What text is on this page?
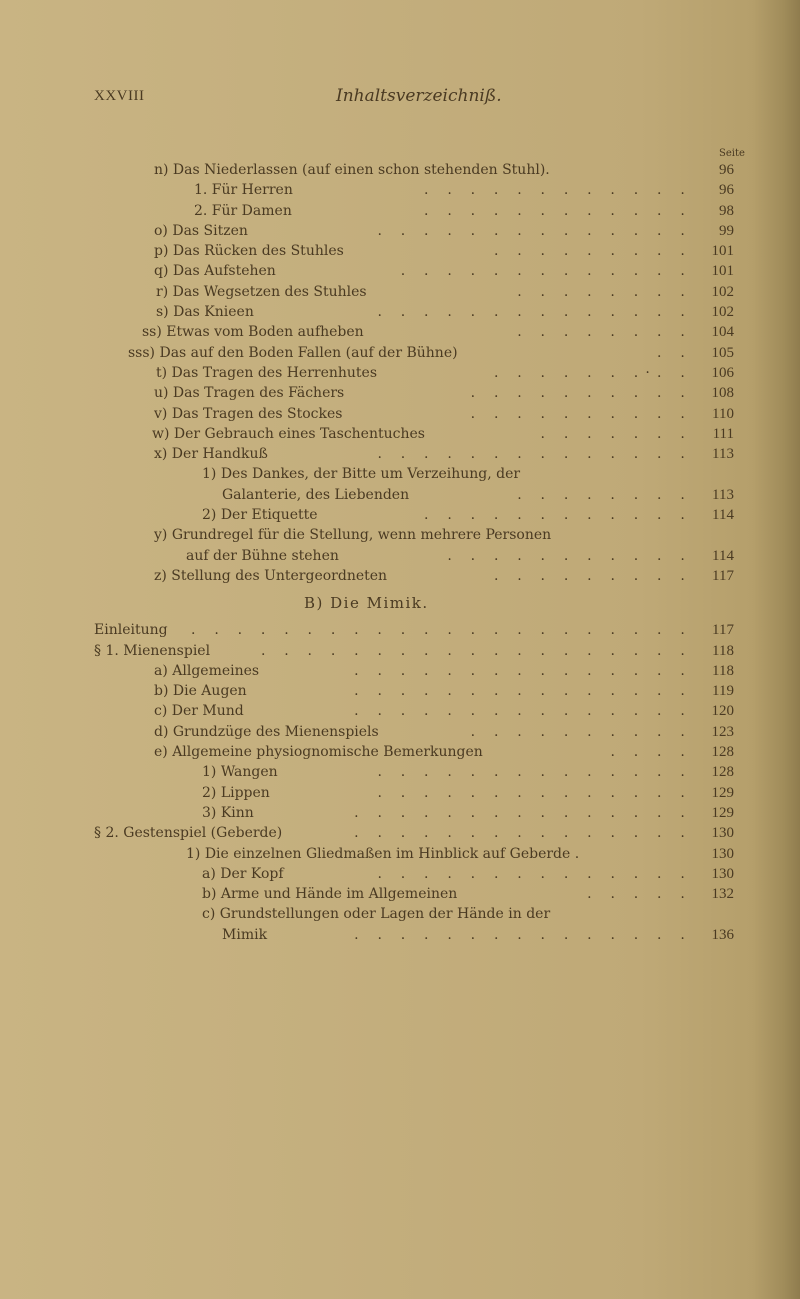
XXVIII	Inhaltsverzeichniß.
Seite
n) Das Niederlassen (auf einen schon stehenden Stuhl).	96
1. Für Herren	. . . . . . . . . . . .	96
2. Für Damen	. . . . . . . . . . . .	98
o) Das Sitzen	. . . . . . . . . . . . . .	99
p) Das Rücken des Stuhles	. . . . . . . . .	101
q) Das Aufstehen	. . . . . . . . . . . . .	101
r) Das Wegsetzen des Stuhles	. . . . . . . .	102
s) Das Knieen	. . . . . . . . . . . . . .	102
ss) Etwas vom Boden aufheben	. . . . . . . .	104
sss) Das auf den Boden Fallen (auf der Bühne)	. .	105
t) Das Tragen des Herrenhutes	. . . . . . .·. .	106
u) Das Tragen des Fächers	. . . . . . . . . .	108
v) Das Tragen des Stockes	. . . . . . . . . .	110
w) Der Gebrauch eines Taschentuches	. . . . . . .	111
x) Der Handkuß	. . . . . . . . . . . . . .	113
1) Des Dankes, der Bitte um Verzeihung, der
Galanterie, des Liebenden	. . . . . . . .	113
2) Der Etiquette	. . . . . . . . . . . .	114
y) Grundregel für die Stellung, wenn mehrere Personen
auf der Bühne stehen	. . . . . . . . . . .	114
z) Stellung des Untergeordneten	. . . . . . . . .	117
B) Die Mimik.
Einleitung . . . . . . . . . . . . . . . . . . . . . .	117
§ 1. Mienenspiel	. . . . . . . . . . . . . . . . . . .	118
a) Allgemeines	. . . . . . . . . . . . . . .	118
b) Die Augen	. . . . . . . . . . . . . . .	119
c) Der Mund	. . . . . . . . . . . . . . .	120
d) Grundzüge des Mienenspiels	. . . . . . . . . .	123
e) Allgemeine physiognomische Bemerkungen	. . . .	128
1) Wangen	. . . . . . . . . . . . . .	128
2) Lippen	. . . . . . . . . . . . . .	129
3) Kinn	. . . . . . . . . . . . . . .	129
§ 2. Gestenspiel (Geberde)	. . . . . . . . . . . . . . .	130
1) Die einzelnen Gliedmaßen im Hinblick auf Geberde .	130
a) Der Kopf	. . . . . . . . . . . . . .	130
b) Arme und Hände im Allgemeinen	. . . . .	132
c) Grundstellungen oder Lagen der Hände in der
Mimik	. . . . . . . . . . . . . . .	136
